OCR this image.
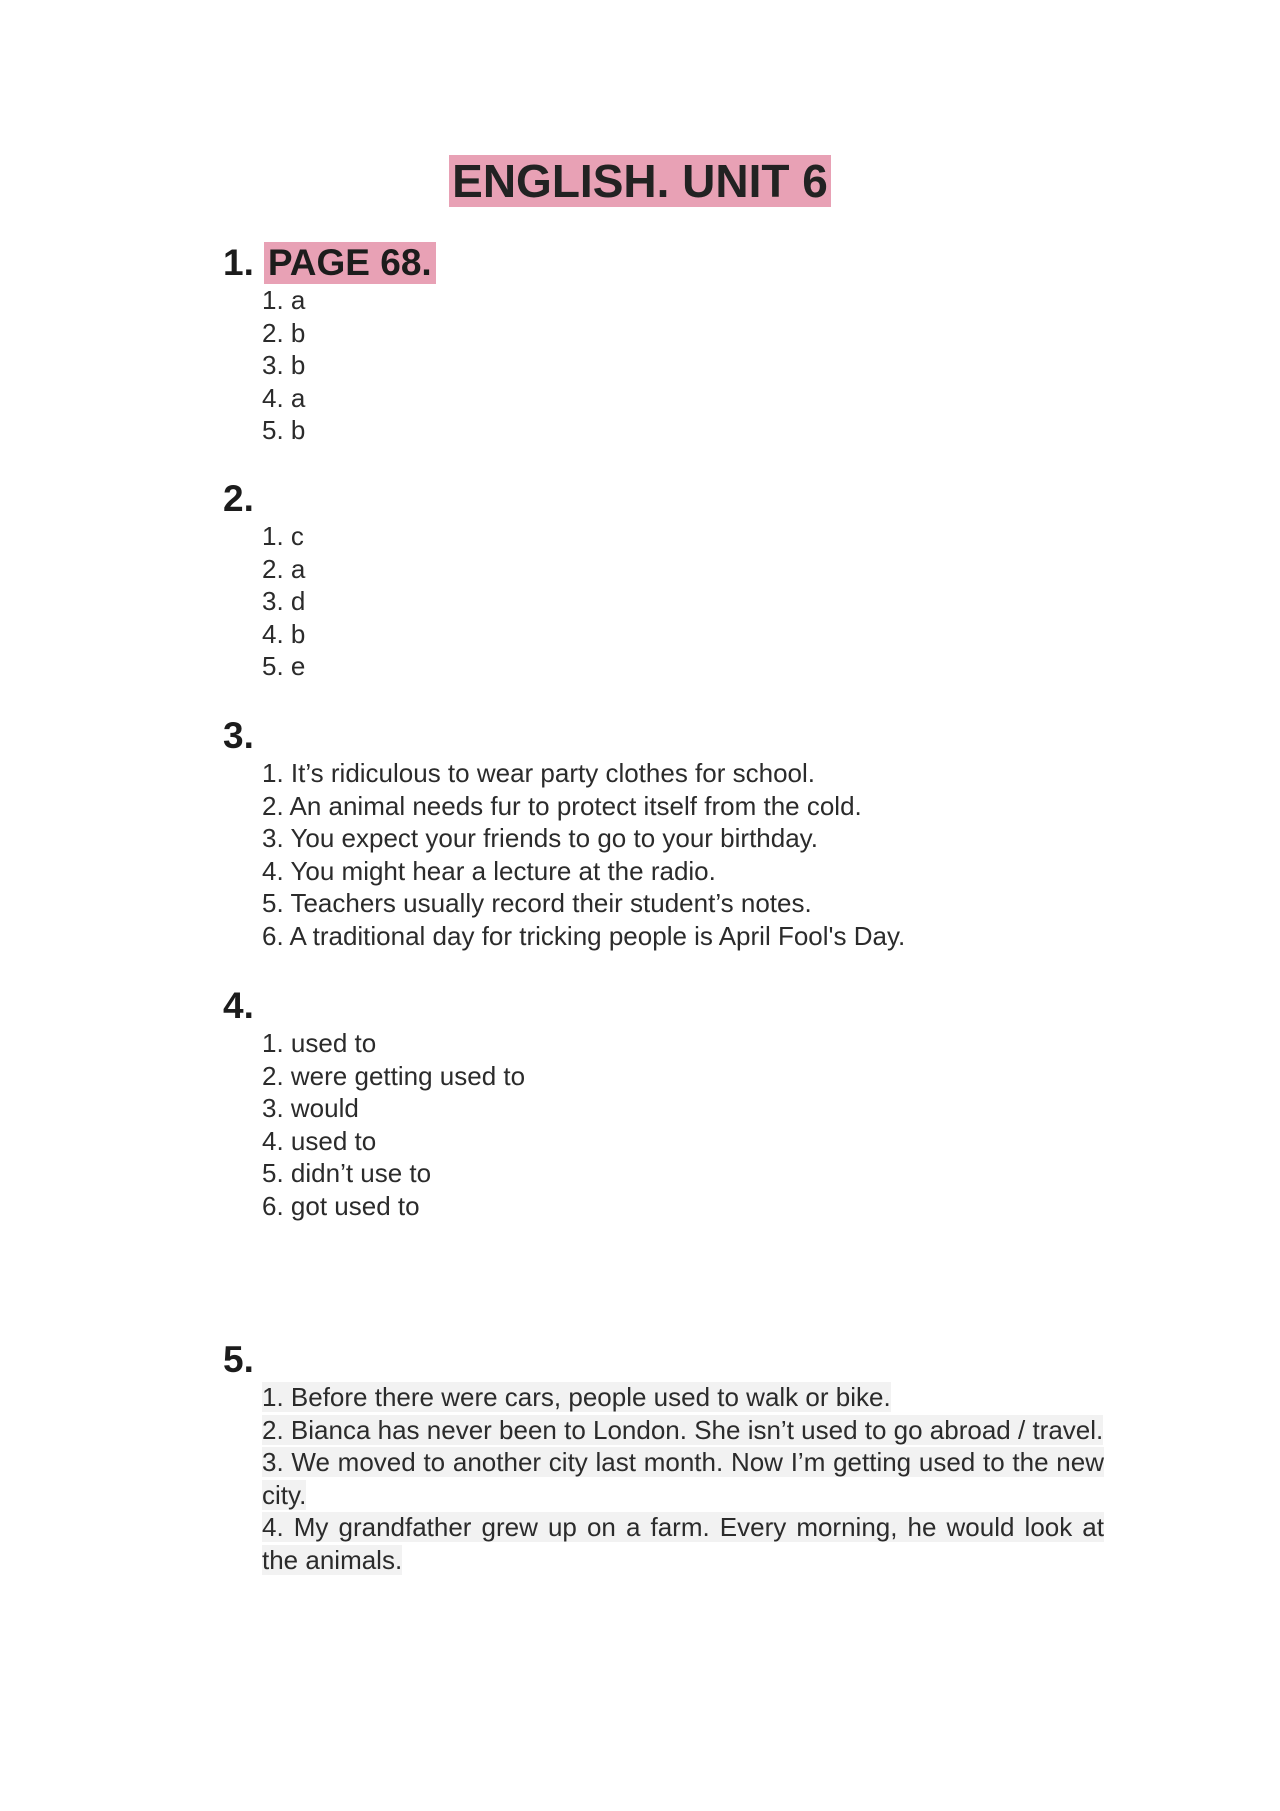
ENGLISH. UNIT 6
1. PAGE 68.
1. a
2. b
3. b
4. a
5. b
2.
1. c
2. a
3. d
4. b
5. e
3.
1. It’s ridiculous to wear party clothes for school.
2. An animal needs fur to protect itself from the cold.
3. You expect your friends to go to your birthday.
4. You might hear a lecture at the radio.
5. Teachers usually record their student’s notes.
6. A traditional day for tricking people is April Fool's Day.
4.
1. used to
2. were getting used to
3. would
4. used to
5. didn’t use to
6. got used to
5.
1. Before there were cars, people used to walk or bike.
2. Bianca has never been to London. She isn’t used to go abroad / travel.
3. We moved to another city last month. Now I’m getting used to the new city.
4. My grandfather grew up on a farm. Every morning, he would look at the animals.
